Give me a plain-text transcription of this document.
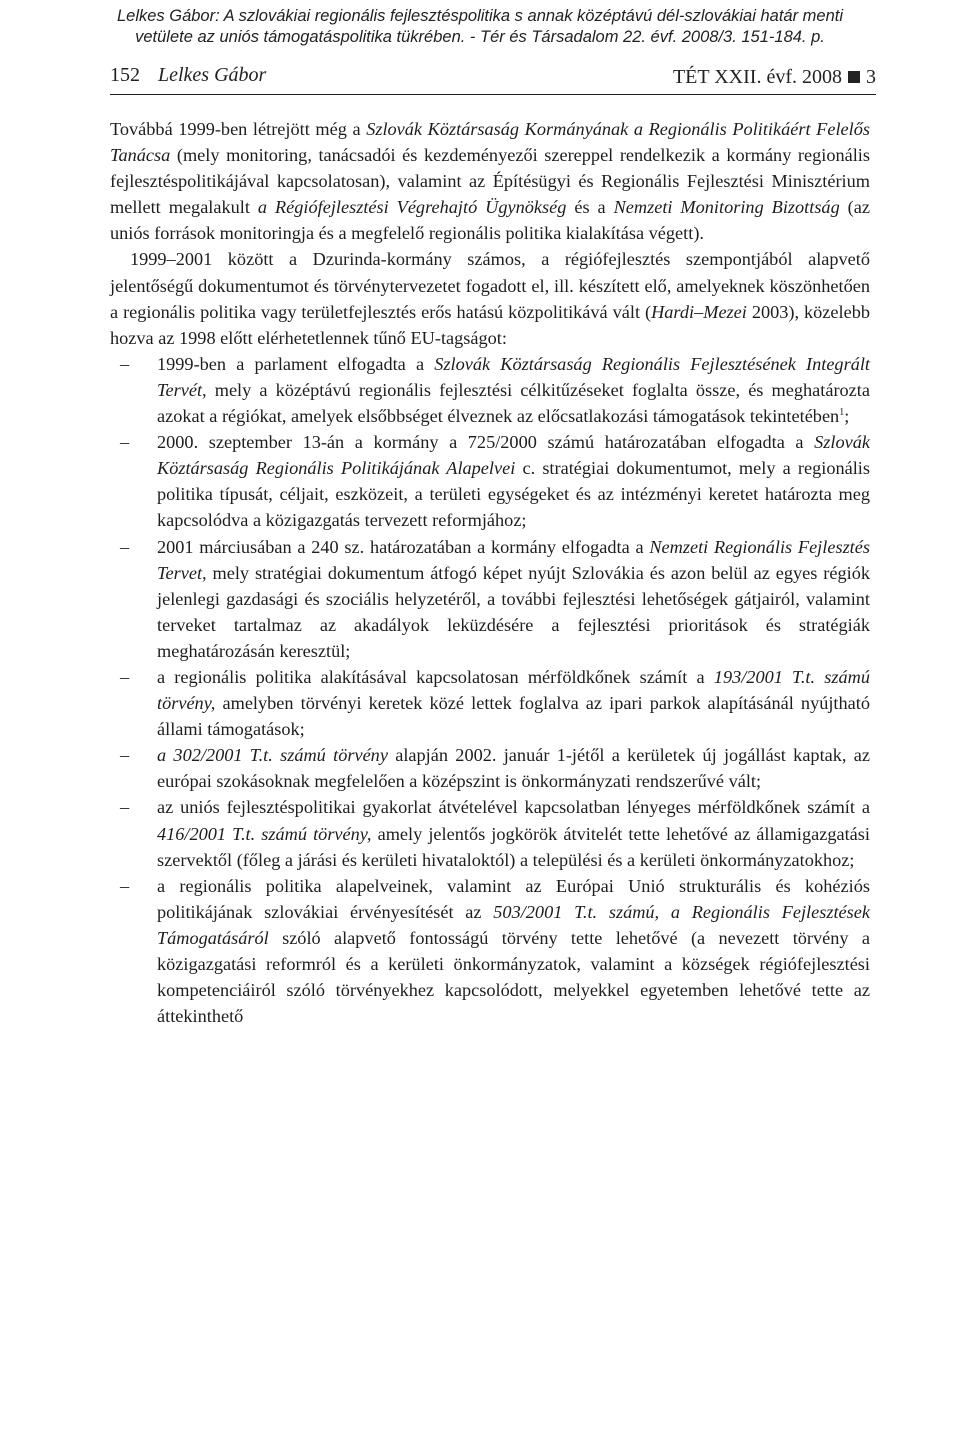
Lelkes Gábor: A szlovákiai regionális fejlesztéspolitika s annak középtávú dél-szlovákiai határ menti
vetülete az uniós támogatáspolitika tükrében. - Tér és Társadalom 22. évf. 2008/3. 151-184. p.
152 Lelkes Gábor	TÉT XXII. évf. 2008 3

Továbbá 1999-ben létrejött még a Szlovák Köztársaság Kormányának a Regionális Politikáért Felelős Tanácsa (mely monitoring, tanácsadói és kezdeményezői szereppel rendelkezik a kormány regionális fejlesztéspolitikájával kapcsolatosan), valamint az Építésügyi és Regionális Fejlesztési Minisztérium mellett megalakult a Régiófejlesztési Végrehajtó Ügynökség és a Nemzeti Monitoring Bizottság (az uniós források monitoringja és a megfelelő regionális politika kialakítása végett).

1999–2001 között a Dzurinda-kormány számos, a régiófejlesztés szempontjából alapvető jelentőségű dokumentumot és törvénytervezetet fogadott el, ill. készített elő, amelyeknek köszönhetően a regionális politika vagy területfejlesztés erős hatású közpolitikává vált (Hardi–Mezei 2003), közelebb hozva az 1998 előtt elérhetetlennek tűnő EU-tagságot:

– 1999-ben a parlament elfogadta a Szlovák Köztársaság Regionális Fejlesztésének Integrált Tervét, mely a középtávú regionális fejlesztési célkitűzéseket foglalta össze, és meghatározta azokat a régiókat, amelyek elsőbbséget élveznek az előcsatlakozási támogatások tekintetében$^1$;
– 2000. szeptember 13-án a kormány a 725/2000 számú határozatában elfogadta a Szlovák Köztársaság Regionális Politikájának Alapelvei c. stratégiai dokumentumot, mely a regionális politika típusát, céljait, eszközeit, a területi egységeket és az intézményi keretet határozta meg kapcsolódva a közigazgatás tervezett reformjához;
– 2001 márciusában a 240 sz. határozatában a kormány elfogadta a Nemzeti Regionális Fejlesztés Tervet, mely stratégiai dokumentum átfogó képet nyújt Szlovákia és azon belül az egyes régiók jelenlegi gazdasági és szociális helyzetéről, a további fejlesztési lehetőségek gátjairól, valamint terveket tartalmaz az akadályok leküzdésére a fejlesztési prioritások és stratégiák meghatározásán keresztül;
– a regionális politika alakításával kapcsolatosan mérföldkőnek számít a 193/2001 T.t. számú törvény, amelyben törvényi keretek közé lettek foglalva az ipari parkok alapításánál nyújtható állami támogatások;
– a 302/2001 T.t. számú törvény alapján 2002. január 1-jétől a kerületek új jogállást kaptak, az európai szokásoknak megfelelően a középszint is önkormányzati rendszerűvé vált;
– az uniós fejlesztéspolitikai gyakorlat átvételével kapcsolatban lényeges mérföldkőnek számít a 416/2001 T.t. számú törvény, amely jelentős jogkörök átvitelét tette lehetővé az államigazgatási szervektől (főleg a járási és kerületi hivataloktól) a települési és a kerületi önkormányzatokhoz;
– a regionális politika alapelveinek, valamint az Európai Unió strukturális és kohéziós politikájának szlovákiai érvényesítését az 503/2001 T.t. számú, a Regionális Fejlesztések Támogatásáról szóló alapvető fontosságú törvény tette lehetővé (a nevezett törvény a közigazgatási reformról és a kerületi önkormányzatok, valamint a községek régiófejlesztési kompetenciáiról szóló törvényekhez kapcsolódott, melyekkel egyetemben lehetővé tette az áttekinthető
